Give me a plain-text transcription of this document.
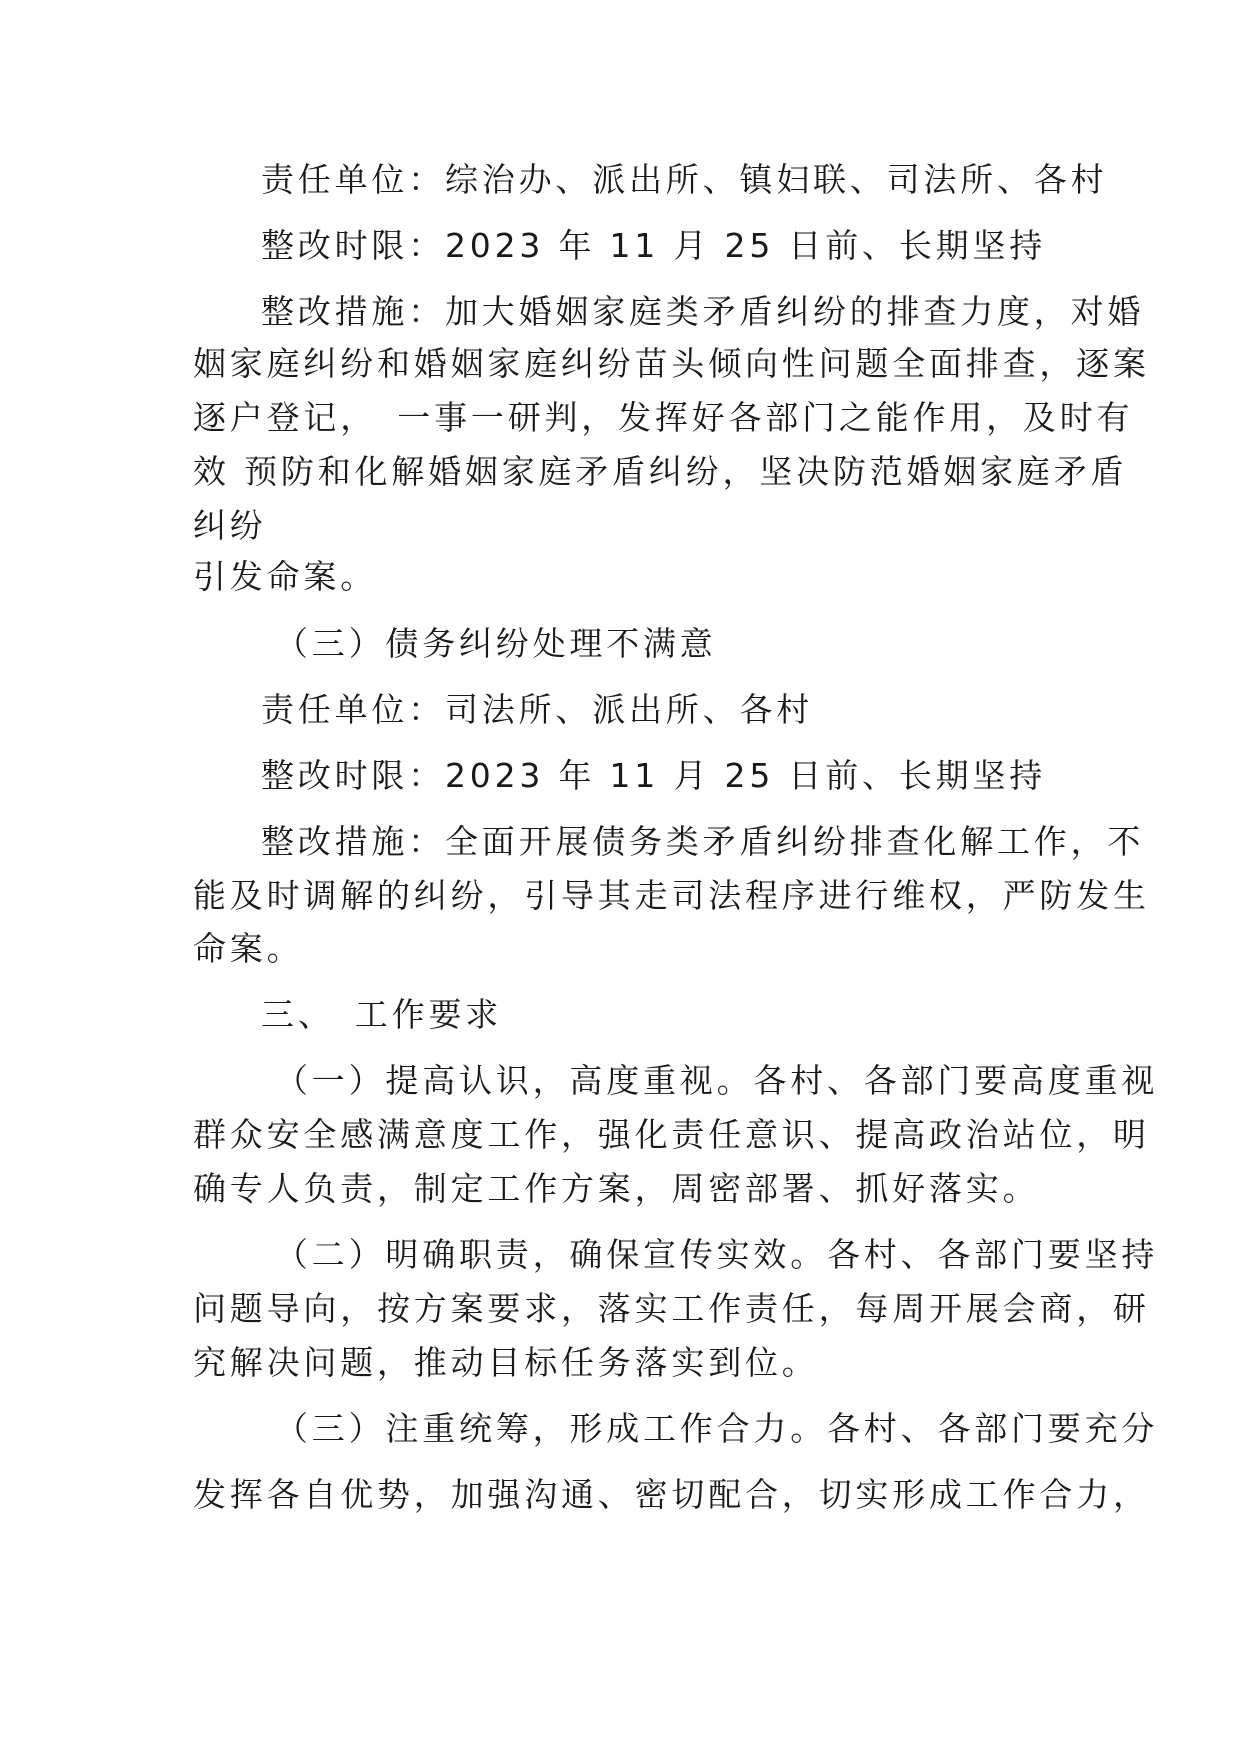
责任单位：综治办、派出所、镇妇联、司法所、各村
整改时限：2023 年 11 月 25 日前、长期坚持
整改措施：加大婚姻家庭类矛盾纠纷的排查力度，对婚
姻家庭纠纷和婚姻家庭纠纷苗头倾向性问题全面排查，逐案
逐户登记，　一事一研判，发挥好各部门之能作用，及时有
效 预防和化解婚姻家庭矛盾纠纷，坚决防范婚姻家庭矛盾
纠纷
引发命案。
（三）债务纠纷处理不满意
责任单位：司法所、派出所、各村
整改时限：2023 年 11 月 25 日前、长期坚持
整改措施：全面开展债务类矛盾纠纷排查化解工作，不
能及时调解的纠纷，引导其走司法程序进行维权，严防发生
命案。
三、　工作要求
（一）提高认识，高度重视。各村、各部门要高度重视
群众安全感满意度工作，强化责任意识、提高政治站位，明
确专人负责，制定工作方案，周密部署、抓好落实。
（二）明确职责，确保宣传实效。各村、各部门要坚持
问题导向，按方案要求，落实工作责任，每周开展会商，研
究解决问题，推动目标任务落实到位。
（三）注重统筹，形成工作合力。各村、各部门要充分
发挥各自优势，加强沟通、密切配合，切实形成工作合力，
